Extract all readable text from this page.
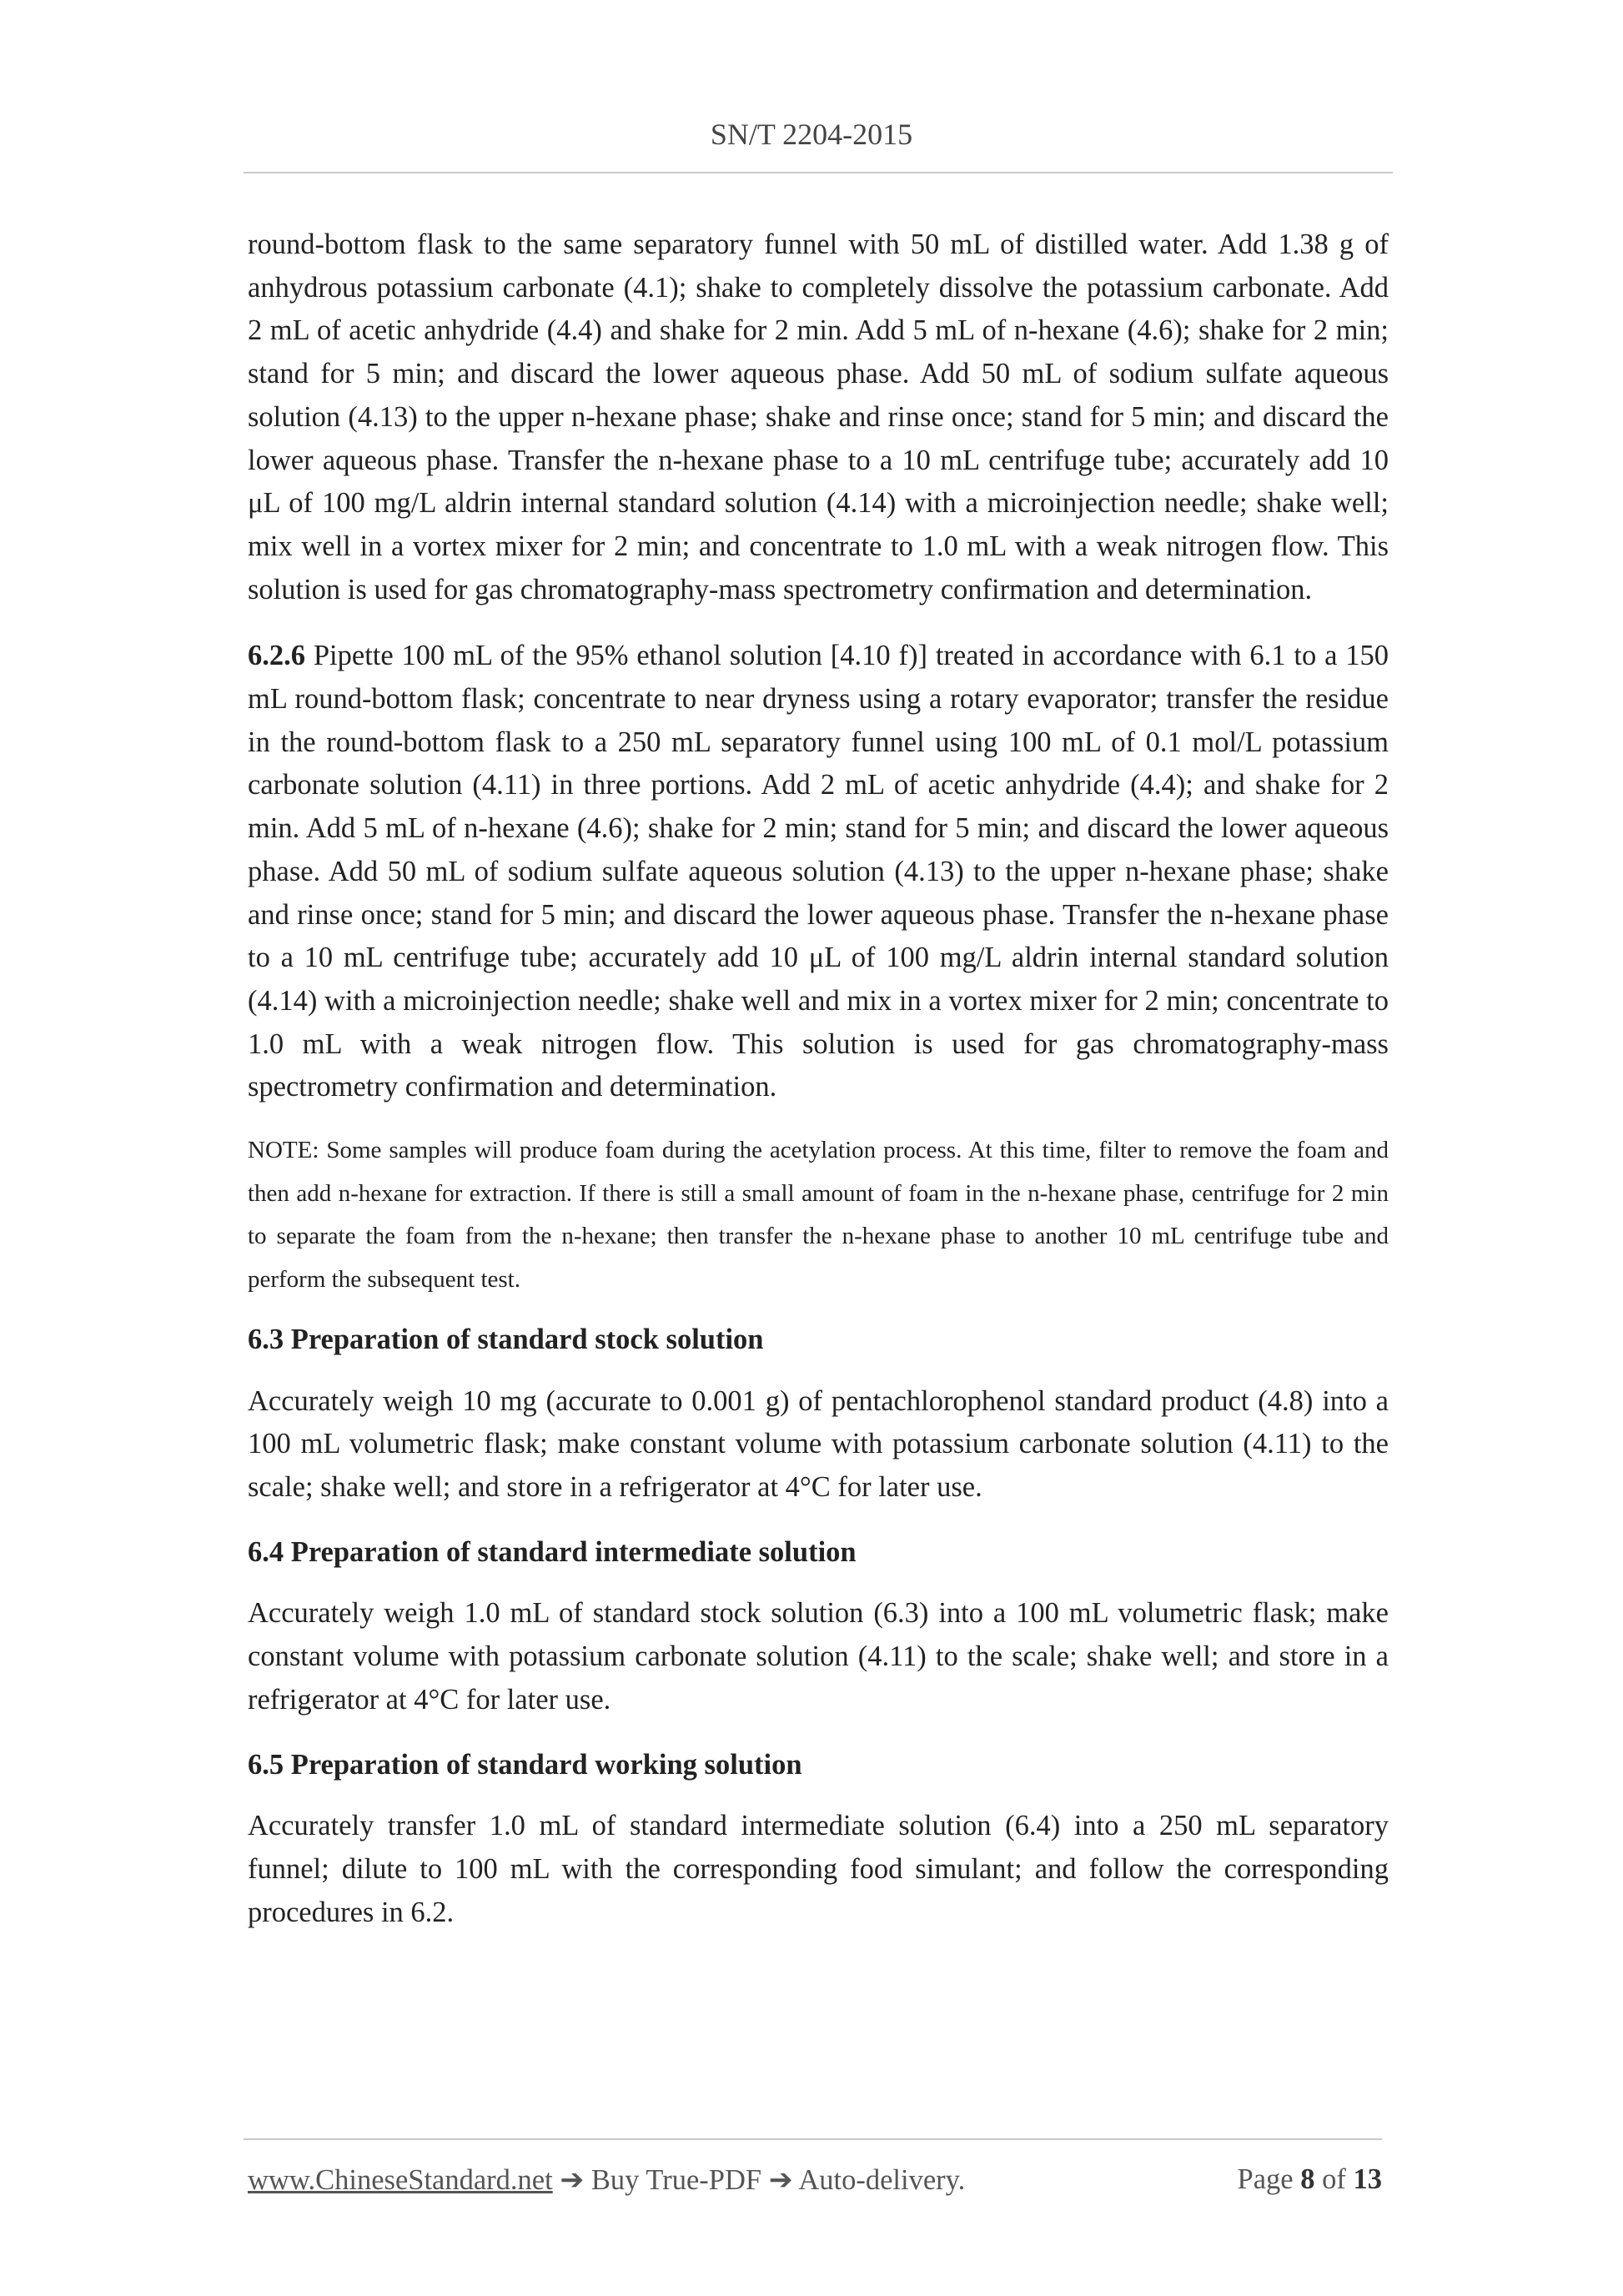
SN/T 2204-2015

round-bottom flask to the same separatory funnel with 50 mL of distilled water. Add 1.38 g of anhydrous potassium carbonate (4.1); shake to completely dissolve the potassium carbonate. Add 2 mL of acetic anhydride (4.4) and shake for 2 min. Add 5 mL of n-hexane (4.6); shake for 2 min; stand for 5 min; and discard the lower aqueous phase. Add 50 mL of sodium sulfate aqueous solution (4.13) to the upper n-hexane phase; shake and rinse once; stand for 5 min; and discard the lower aqueous phase. Transfer the n-hexane phase to a 10 mL centrifuge tube; accurately add 10 μL of 100 mg/L aldrin internal standard solution (4.14) with a microinjection needle; shake well; mix well in a vortex mixer for 2 min; and concentrate to 1.0 mL with a weak nitrogen flow. This solution is used for gas chromatography-mass spectrometry confirmation and determination.

6.2.6 Pipette 100 mL of the 95% ethanol solution [4.10 f)] treated in accordance with 6.1 to a 150 mL round-bottom flask; concentrate to near dryness using a rotary evaporator; transfer the residue in the round-bottom flask to a 250 mL separatory funnel using 100 mL of 0.1 mol/L potassium carbonate solution (4.11) in three portions. Add 2 mL of acetic anhydride (4.4); and shake for 2 min. Add 5 mL of n-hexane (4.6); shake for 2 min; stand for 5 min; and discard the lower aqueous phase. Add 50 mL of sodium sulfate aqueous solution (4.13) to the upper n-hexane phase; shake and rinse once; stand for 5 min; and discard the lower aqueous phase. Transfer the n-hexane phase to a 10 mL centrifuge tube; accurately add 10 μL of 100 mg/L aldrin internal standard solution (4.14) with a microinjection needle; shake well and mix in a vortex mixer for 2 min; concentrate to 1.0 mL with a weak nitrogen flow. This solution is used for gas chromatography-mass spectrometry confirmation and determination.

NOTE: Some samples will produce foam during the acetylation process. At this time, filter to remove the foam and then add n-hexane for extraction. If there is still a small amount of foam in the n-hexane phase, centrifuge for 2 min to separate the foam from the n-hexane; then transfer the n-hexane phase to another 10 mL centrifuge tube and perform the subsequent test.

6.3 Preparation of standard stock solution

Accurately weigh 10 mg (accurate to 0.001 g) of pentachlorophenol standard product (4.8) into a 100 mL volumetric flask; make constant volume with potassium carbonate solution (4.11) to the scale; shake well; and store in a refrigerator at 4°C for later use.

6.4 Preparation of standard intermediate solution

Accurately weigh 1.0 mL of standard stock solution (6.3) into a 100 mL volumetric flask; make constant volume with potassium carbonate solution (4.11) to the scale; shake well; and store in a refrigerator at 4°C for later use.

6.5 Preparation of standard working solution

Accurately transfer 1.0 mL of standard intermediate solution (6.4) into a 250 mL separatory funnel; dilute to 100 mL with the corresponding food simulant; and follow the corresponding procedures in 6.2.

www.ChineseStandard.net ➔ Buy True-PDF ➔ Auto-delivery.	Page 8 of 13
